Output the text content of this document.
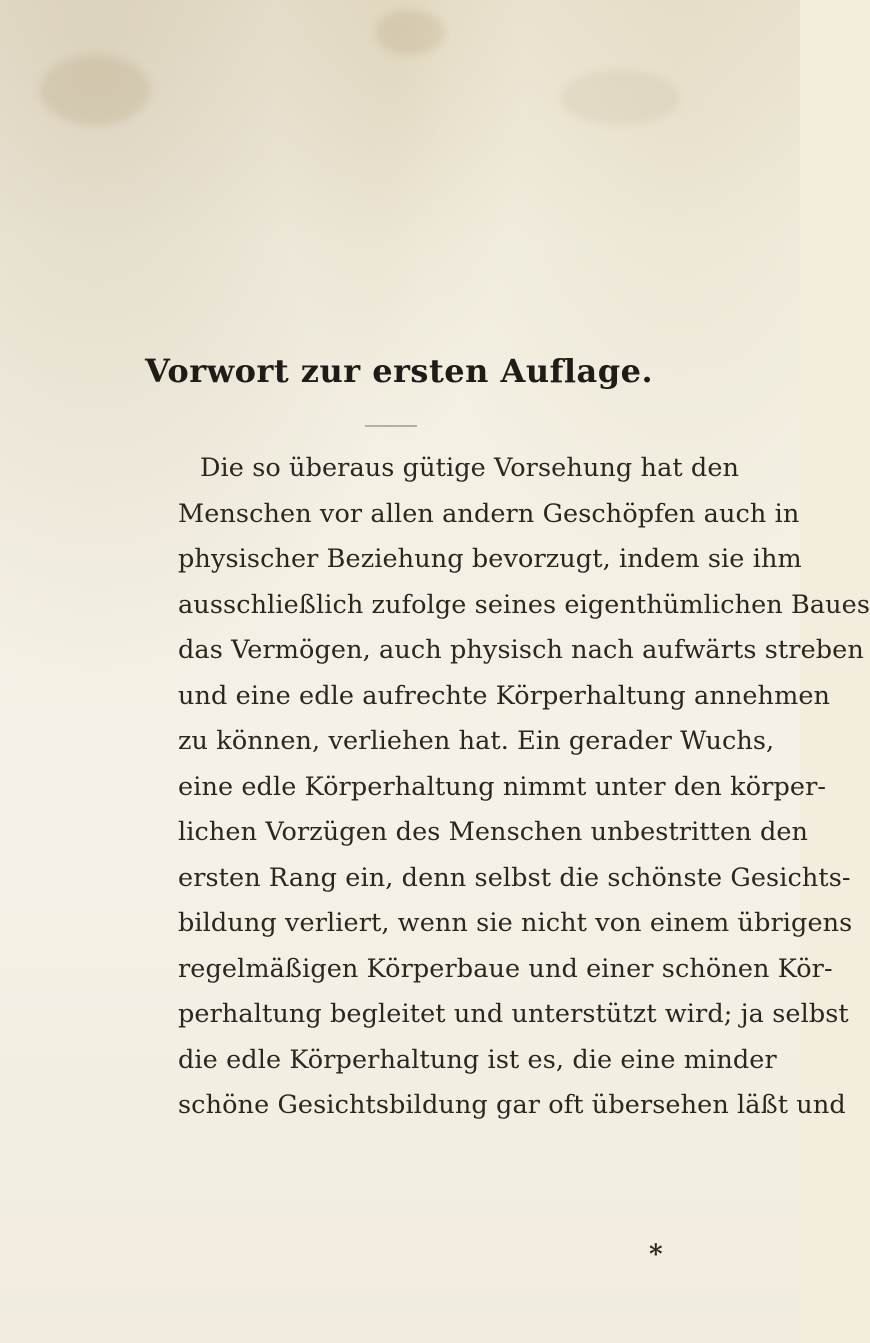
Vorwort zur ersten Auflage.
Die so überaus gütige Vorsehung hat den
Menschen vor allen andern Geschöpfen auch in
physischer Beziehung bevorzugt, indem sie ihm
ausschließlich zufolge seines eigenthümlichen Baues
das Vermögen, auch physisch nach aufwärts streben
und eine edle aufrechte Körperhaltung annehmen
zu können, verliehen hat. Ein gerader Wuchs,
eine edle Körperhaltung nimmt unter den körper-
lichen Vorzügen des Menschen unbestritten den
ersten Rang ein, denn selbst die schönste Gesichts-
bildung verliert, wenn sie nicht von einem übrigens
regelmäßigen Körperbaue und einer schönen Kör-
perhaltung begleitet und unterstützt wird; ja selbst
die edle Körperhaltung ist es, die eine minder
schöne Gesichtsbildung gar oft übersehen läßt und
*
